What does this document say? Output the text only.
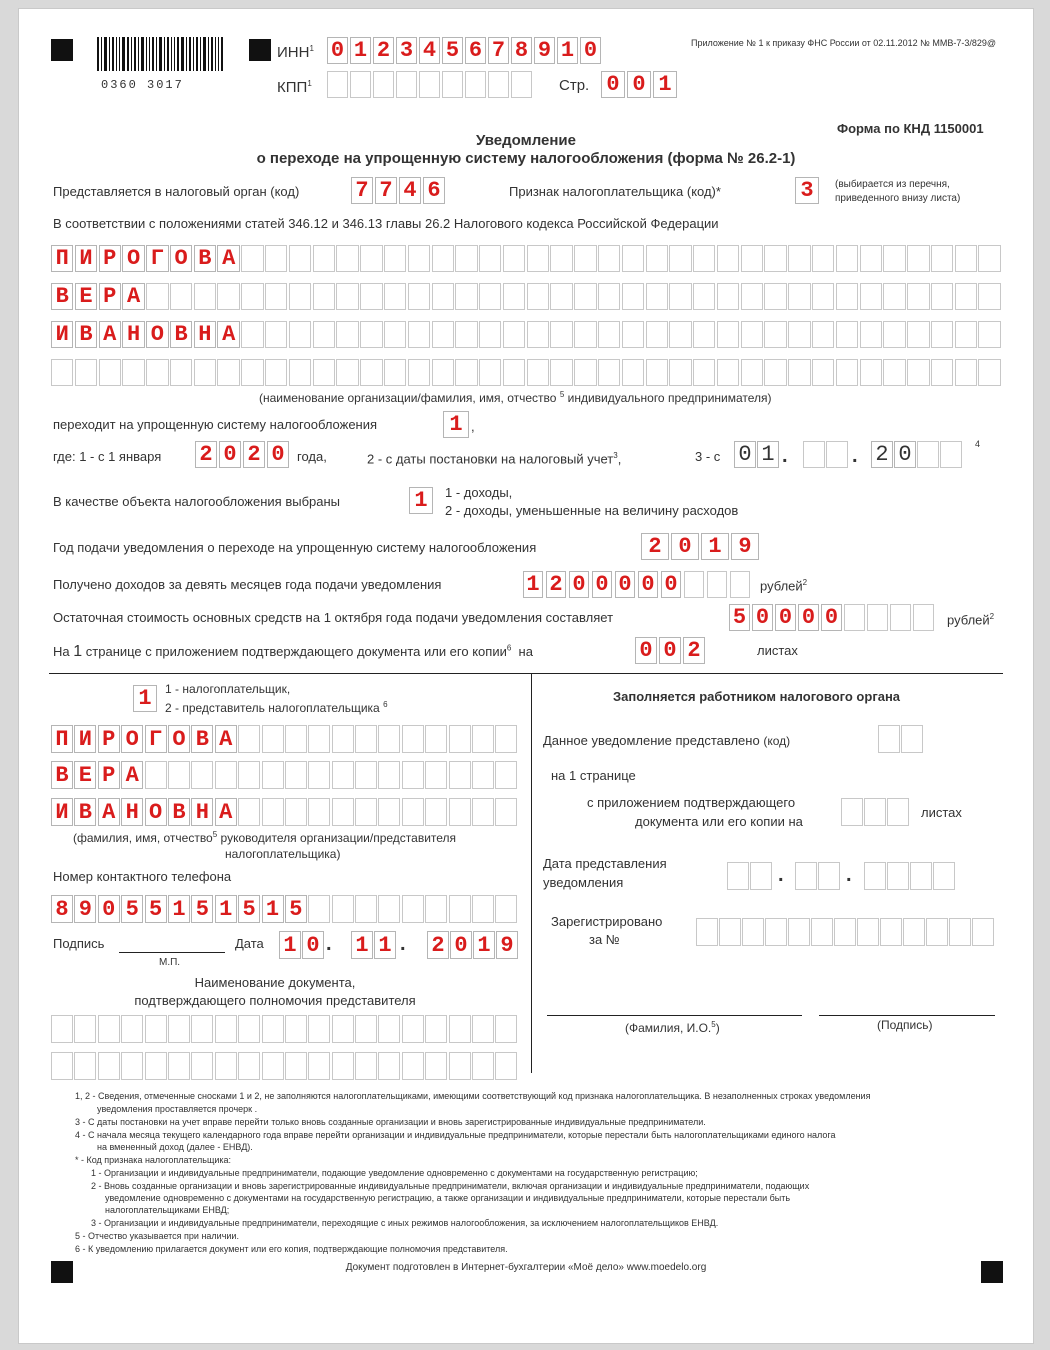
0360 3017
ИНН$^1$ 0 1 2 3 4 5 6 7 8 9 1 0
КПП$^1$	Стр. 0 0 1
Приложение № 1 к приказу ФНС России от 02.11.2012 № ММВ-7-3/829@
Форма по КНД 1150001
Уведомление
о переходе на упрощенную систему налогообложения (форма № 26.2-1)
Представляется в налоговый орган (код)	7 7 4 6	Признак налогоплательщика (код)*	3	(выбирается из перечня,
приведенного внизу листа)
В соответствии с положениями статей 346.12 и 346.13 главы 26.2 Налогового кодекса Российской Федерации
П И Р О Г О В А
В Е Р А
И В А Н О В Н А
(наименование организации/фамилия, имя, отчество $^5$ индивидуального предпринимателя)
переходит на упрощенную систему налогообложения	1 ,
где: 1 - с 1 января 2 0 2 0 года,	2 - с даты постановки на налоговый учет$^3$,	3 - с 0 1 .	. 2 0	4
В качестве объекта налогообложения выбраны	1	1 - доходы,
2 - доходы, уменьшенные на величину расходов
Год подачи уведомления о переходе на упрощенную систему налогообложения	2 0 1 9
Получено доходов за девять месяцев года подачи уведомления	1 2 0 0 0 0 0	рублей$^2$
Остаточная стоимость основных средств на 1 октября года подачи уведомления составляет	5 0 0 0 0	рублей$^2$
На 1 странице с приложением подтверждающего документа или его копии$^6$ на	0 0 2	листах
1	1 - налогоплательщик,
2 - представитель налогоплательщика $^6$
П И Р О Г О В А
В Е Р А
И В А Н О В Н А
(фамилия, имя, отчество$^5$ руководителя организации/представителя
налогоплательщика)
Номер контактного телефона
8 9 0 5 5 1 5 1 5 1 5
Подпись
М.П.
Дата 1 0 . 1 1 . 2 0 1 9
Наименование документа,
подтверждающего полномочия представителя
Заполняется работником налогового органа
Данное уведомление представлено (код)
на 1 странице
с приложением подтверждающего
документа или его копии на
листах
Дата представления
уведомления	.	.
Зарегистрировано
за №
(Фамилия, И.О.$^5$)	(Подпись)
1, 2 - Сведения, отмеченные сносками 1 и 2, не заполняются налогоплательщиками, имеющими соответствующий код признака налогоплательщика. В незаполненных строках уведомления
уведомления проставляется прочерк .
3 - С даты постановки на учет вправе перейти только вновь созданные организации и вновь зарегистрированные индивидуальные предприниматели.
4 - С начала месяца текущего календарного года вправе перейти организации и индивидуальные предприниматели, которые перестали быть налогоплательщиками единого налога
на вмененный доход (далее - ЕНВД).
* - Код признака налогоплательщика:
1 - Организации и индивидуальные предприниматели, подающие уведомление одновременно с документами на государственную регистрацию;
2 - Вновь созданные организации и вновь зарегистрированные индивидуальные предприниматели, включая организации и индивидуальные предприниматели, подающих
уведомление одновременно с документами на государственную регистрацию, а также организации и индивидуальные предприниматели, которые перестали быть
налогоплательщиками ЕНВД;
3 - Организации и индивидуальные предприниматели, переходящие с иных режимов налогообложения, за исключением налогоплательщиков ЕНВД.
5 - Отчество указывается при наличии.
6 - К уведомлению прилагается документ или его копия, подтверждающие полномочия представителя.
Документ подготовлен в Интернет-бухгалтерии «Моё дело» www.moedelo.org
